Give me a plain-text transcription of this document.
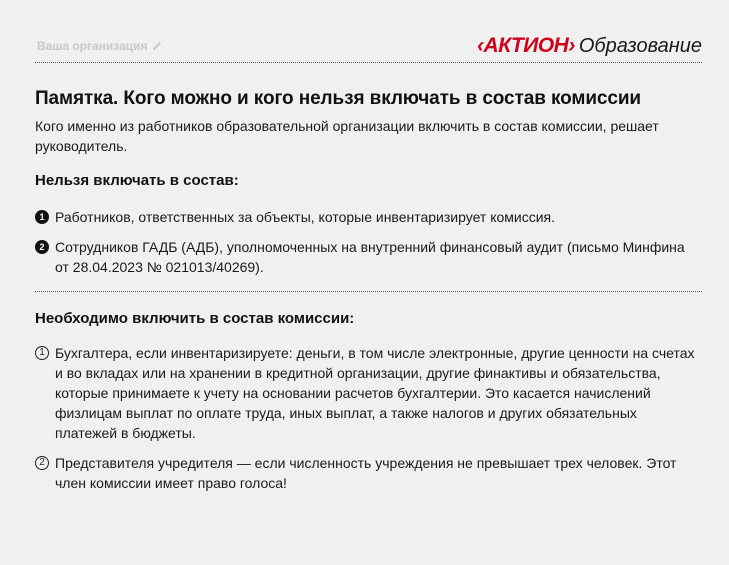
Ваша организация	‹АКТИОН› Образование
Памятка. Кого можно и кого нельзя включать в состав комиссии

Кого именно из работников образовательной организации включить в состав комиссии, решает руководитель.

Нельзя включать в состав:
1 Работников, ответственных за объекты, которые инвентаризирует комиссия.
2 Сотрудников ГАДБ (АДБ), уполномоченных на внутренний финансовый аудит (письмо Минфина от 28.04.2023 № 021013/40269).
Необходимо включить в состав комиссии:
1 Бухгалтера, если инвентаризируете: деньги, в том числе электронные, другие ценности на счетах и во вкладах или на хранении в кредитной организации, другие финактивы и обязательства, которые принимаете к учету на основании расчетов бухгалтерии. Это касается начислений физлицам выплат по оплате труда, иных выплат, а также налогов и других обязательных платежей в бюджеты.
2 Представителя учредителя — если численность учреждения не превышает трех человек. Этот член комиссии имеет право голоса!
